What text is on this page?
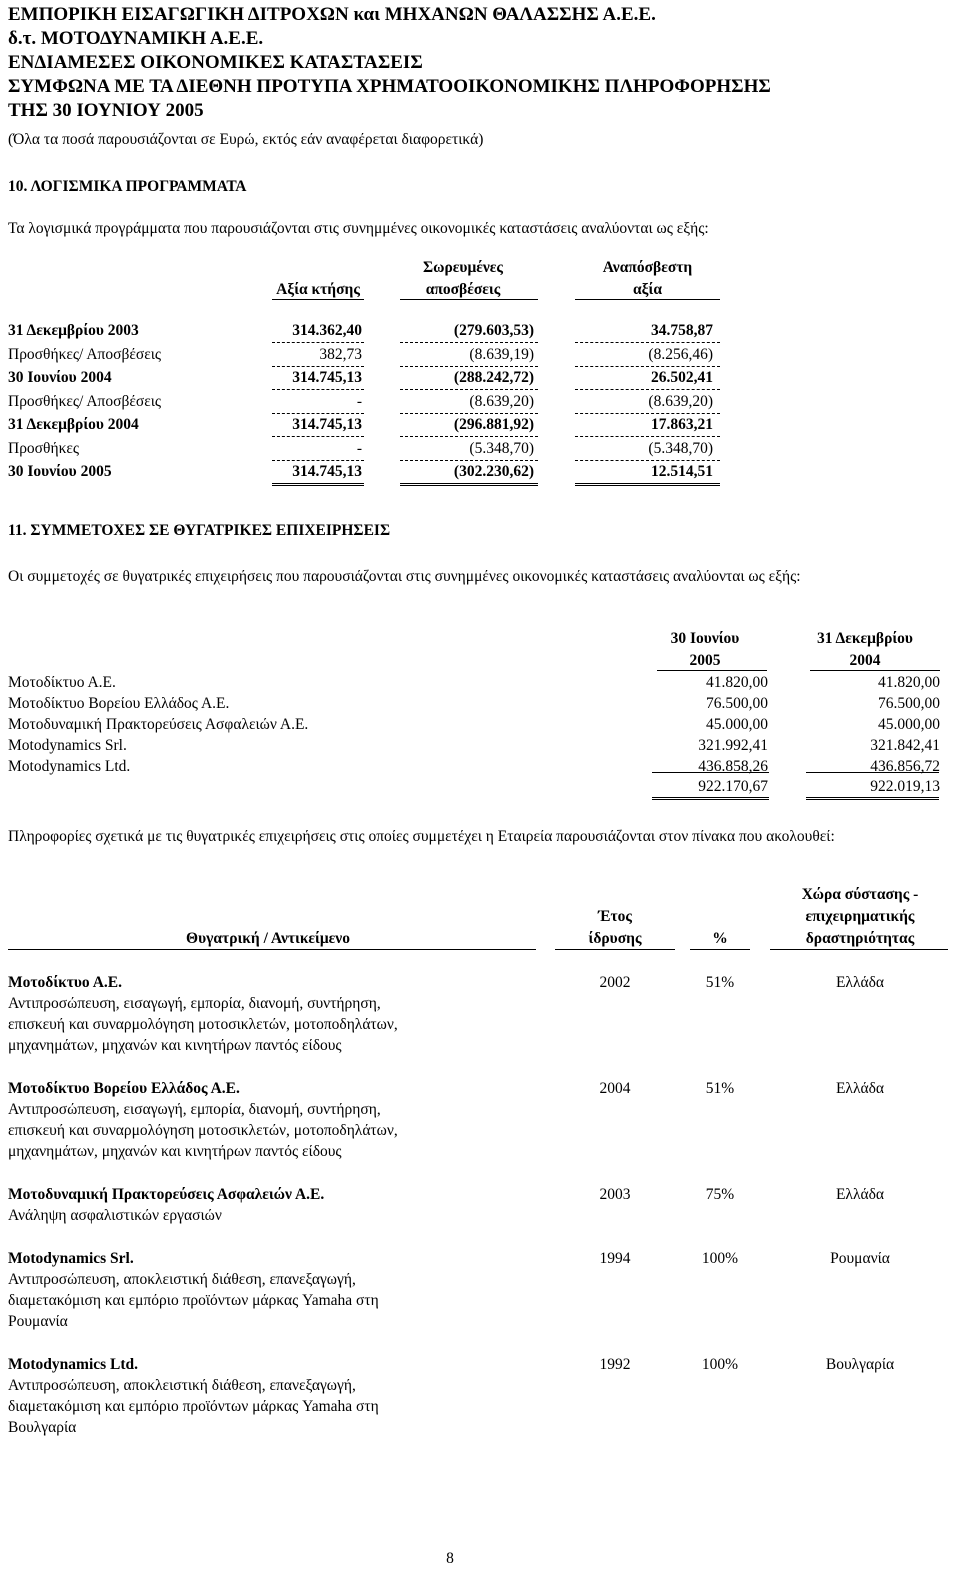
ΕΜΠΟΡΙΚΗ ΕΙΣΑΓΩΓΙΚΗ ΔΙΤΡΟΧΩΝ και ΜΗΧΑΝΩΝ ΘΑΛΑΣΣΗΣ Α.Ε.Ε.
δ.τ. ΜΟΤΟΔΥΝΑΜΙΚΗ Α.Ε.Ε.
ΕΝΔΙΑΜΕΣΕΣ ΟΙΚΟΝΟΜΙΚΕΣ ΚΑΤΑΣΤΑΣΕΙΣ
ΣΥΜΦΩΝΑ ΜΕ ΤΑ ΔΙΕΘΝΗ ΠΡΟΤΥΠΑ ΧΡΗΜΑΤΟΟΙΚΟΝΟΜΙΚΗΣ ΠΛΗΡΟΦΟΡΗΣΗΣ
ΤΗΣ 30 ΙΟΥΝΙΟΥ 2005
(Όλα τα ποσά παρουσιάζονται σε Ευρώ, εκτός εάν αναφέρεται διαφορετικά)
10. ΛΟΓΙΣΜΙΚΑ ΠΡΟΓΡΑΜΜΑΤΑ
Τα λογισμικά προγράμματα που παρουσιάζονται στις συνημμένες οικονομικές καταστάσεις αναλύονται ως εξής:
Αξία κτήσης
Σωρευμένες
αποσβέσεις
Αναπόσβεστη
αξία
31 Δεκεμβρίου 2003	314.362,40	(279.603,53)	34.758,87
Προσθήκες/ Αποσβέσεις	382,73	(8.639,19)	(8.256,46)
30 Ιουνίου 2004	314.745,13	(288.242,72)	26.502,41
Προσθήκες/ Αποσβέσεις	-	(8.639,20)	(8.639,20)
31 Δεκεμβρίου 2004	314.745,13	(296.881,92)	17.863,21
Προσθήκες	-	(5.348,70)	(5.348,70)
30 Ιουνίου 2005	314.745,13	(302.230,62)	12.514,51
11. ΣΥΜΜΕΤΟΧΕΣ ΣΕ ΘΥΓΑΤΡΙΚΕΣ ΕΠΙΧΕΙΡΗΣΕΙΣ
Οι συμμετοχές σε θυγατρικές επιχειρήσεις που παρουσιάζονται στις συνημμένες οικονομικές καταστάσεις αναλύονται ως εξής:
30 Ιουνίου
2005
31 Δεκεμβρίου
2004
Μοτοδίκτυο Α.Ε.	41.820,00	41.820,00
Μοτοδίκτυο Βορείου Ελλάδος Α.Ε.	76.500,00	76.500,00
Μοτοδυναμική Πρακτορεύσεις Ασφαλειών Α.Ε.	45.000,00	45.000,00
Motodynamics Srl.	321.992,41	321.842,41
Motodynamics Ltd.	436.858,26	436.856,72
922.170,67	922.019,13
Πληροφορίες σχετικά με τις θυγατρικές επιχειρήσεις στις οποίες συμμετέχει η Εταιρεία παρουσιάζονται στον πίνακα που ακολουθεί:
Θυγατρική / Αντικείμενο
Έτος
ίδρυσης	%
Χώρα σύστασης -
επιχειρηματικής
δραστηριότητας
Μοτοδίκτυο Α.Ε.
Αντιπροσώπευση, εισαγωγή, εμπορία, διανομή, συντήρηση,
επισκευή και συναρμολόγηση μοτοσικλετών, μοτοποδηλάτων,
μηχανημάτων, μηχανών και κινητήρων παντός είδους
2002	51%	Ελλάδα
Μοτοδίκτυο Βορείου Ελλάδος Α.Ε.
Αντιπροσώπευση, εισαγωγή, εμπορία, διανομή, συντήρηση,
επισκευή και συναρμολόγηση μοτοσικλετών, μοτοποδηλάτων,
μηχανημάτων, μηχανών και κινητήρων παντός είδους
2004	51%	Ελλάδα
Μοτοδυναμική Πρακτορεύσεις Ασφαλειών Α.Ε.
Ανάληψη ασφαλιστικών εργασιών
2003	75%	Ελλάδα
Motodynamics Srl.
Αντιπροσώπευση, αποκλειστική διάθεση, επανεξαγωγή,
διαμετακόμιση και εμπόριο προϊόντων μάρκας Yamaha στη
Ρουμανία
1994	100%	Ρουμανία
Motodynamics Ltd.
Αντιπροσώπευση, αποκλειστική διάθεση, επανεξαγωγή,
διαμετακόμιση και εμπόριο προϊόντων μάρκας Yamaha στη
Βουλγαρία
1992	100%	Βουλγαρία
8
